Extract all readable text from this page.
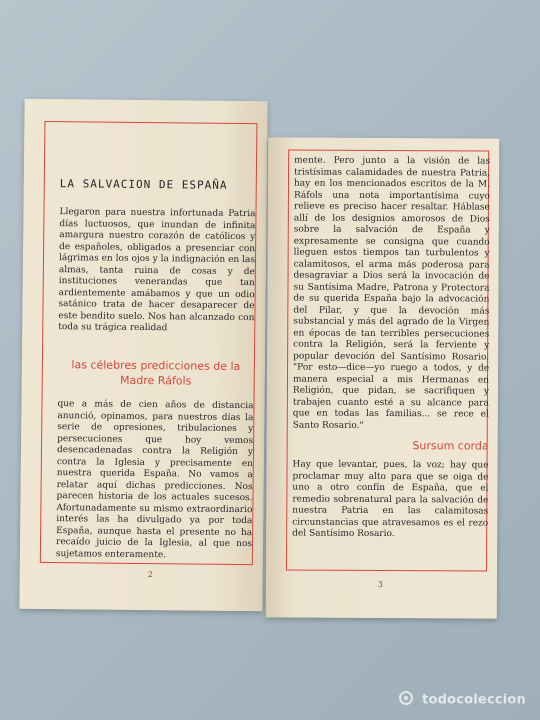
LA SALVACION DE ESPAÑA

Llegaron para nuestra infortunada Patria días luctuosos, que inundan de infinita amargura nuestro corazón de católicos y de españoles, obligados a presenciar con lágrimas en los ojos y la indignación en las almas, tanta ruina de cosas y de instituciones venerandas que tan ardientemente amábamos y que un odio satánico trata de hacer desaparecer de este bendito suelo. Nos han alcanzado con toda su trágica realidad

las célebres predicciones de la Madre Ráfols

que a más de cien años de distancia anunció, opinamos, para nuestros días la serie de opresiones, tribulaciones y persecuciones que hoy vemos desencadenadas contra la Religión y contra la Iglesia y precisamente en nuestra querida España. No vamos a relatar aquí dichas predicciones. Nos parecen historia de los actuales sucesos. Afortunadamente su mismo extraordinario interés las ha divulgado ya por toda España, aunque hasta el presente no ha recaído juicio de la Iglesia, al que nos sujetamos enteramente.

2

mente. Pero junto a la visión de las tristísimas calamidades de nuestra Patria, hay en los mencionados escritos de la M. Ráfols una nota importantísima cuyo relieve es preciso hacer resaltar. Háblase allí de los designios amorosos de Dios sobre la salvación de España y expresamente se consigna que cuando lleguen estos tiempos tan turbulentos y calamitosos, el arma más poderosa para desagraviar a Dios será la invocación de su Santísima Madre, Patrona y Protectora de su querida España bajo la advocación del Pilar, y que la devoción más substancial y más del agrado de la Virgen en épocas de tan terribles persecuciones contra la Religión, será la ferviente y popular devoción del Santísimo Rosario. "Por esto—dice—yo ruego a todos, y de manera especial a mis Hermanas en Religión, que pidan, se sacrifiquen y trabajen cuanto esté a su alcance para que en todas las familias... se rece el Santo Rosario."

Sursum corda

Hay que levantar, pues, la voz; hay que proclamar muy alto para que se oiga de uno a otro confín de España, que el remedio sobrenatural para la salvación de nuestra Patria en las calamitosas circunstancias que atravesamos es el rezo del Santísimo Rosario.

3
todocoleccion
